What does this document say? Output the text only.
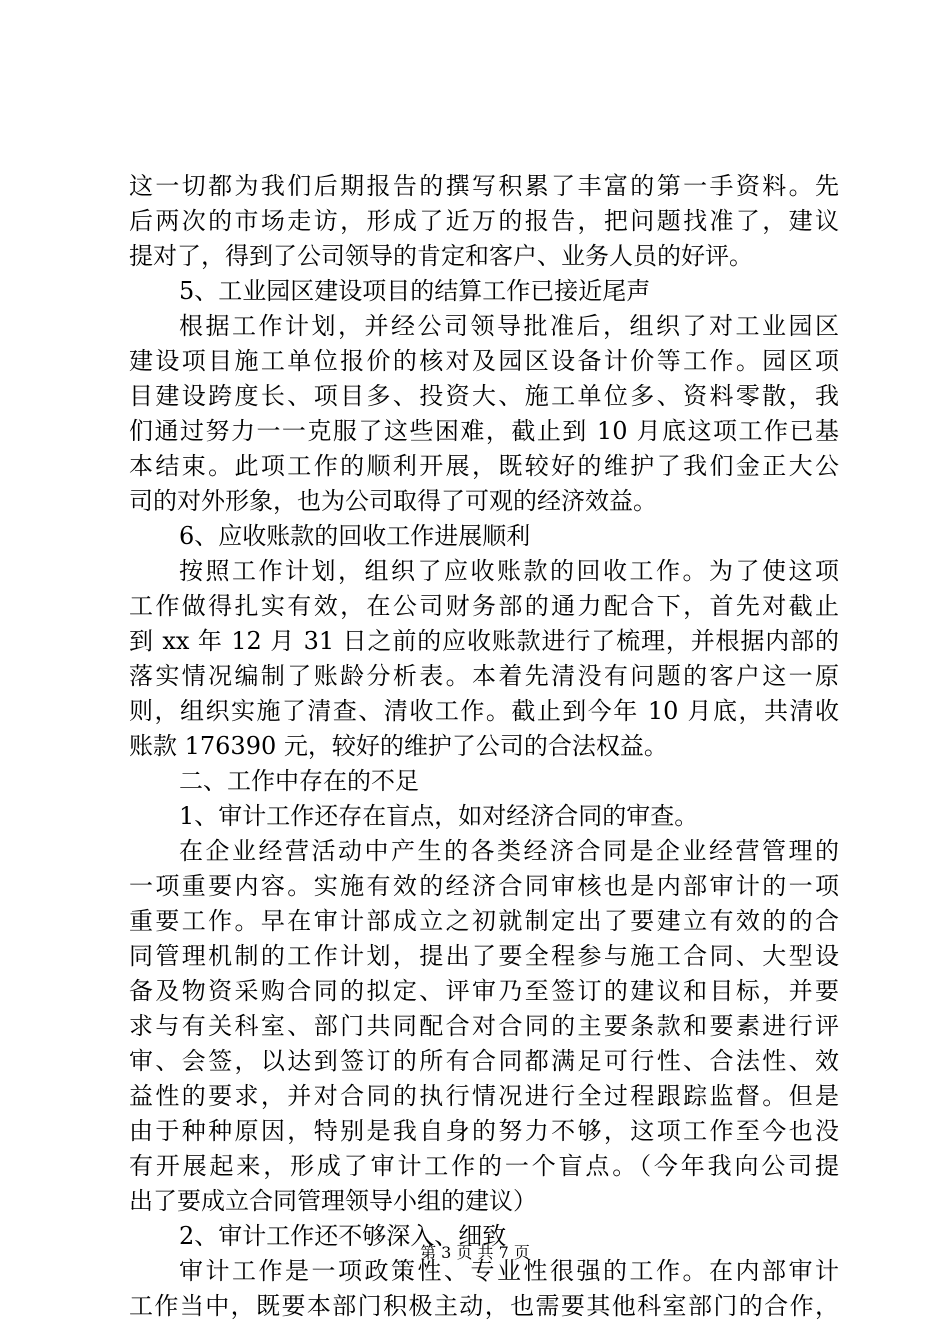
这一切都为我们后期报告的撰写积累了丰富的第一手资料。先
后两次的市场走访，形成了近万的报告，把问题找准了，建议
提对了，得到了公司领导的肯定和客户、业务人员的好评。
5、工业园区建设项目的结算工作已接近尾声
根据工作计划，并经公司领导批准后，组织了对工业园区
建设项目施工单位报价的核对及园区设备计价等工作。园区项
目建设跨度长、项目多、投资大、施工单位多、资料零散，我
们通过努力一一克服了这些困难，截止到 10 月底这项工作已基
本结束。此项工作的顺利开展，既较好的维护了我们金正大公
司的对外形象，也为公司取得了可观的经济效益。
6、应收账款的回收工作进展顺利
按照工作计划，组织了应收账款的回收工作。为了使这项
工作做得扎实有效，在公司财务部的通力配合下，首先对截止
到 xx 年 12 月 31 日之前的应收账款进行了梳理，并根据内部的
落实情况编制了账龄分析表。本着先清没有问题的客户这一原
则，组织实施了清查、清收工作。截止到今年 10 月底，共清收
账款 176390 元，较好的维护了公司的合法权益。
二、工作中存在的不足
1、审计工作还存在盲点，如对经济合同的审查。
在企业经营活动中产生的各类经济合同是企业经营管理的
一项重要内容。实施有效的经济合同审核也是内部审计的一项
重要工作。早在审计部成立之初就制定出了要建立有效的的合
同管理机制的工作计划，提出了要全程参与施工合同、大型设
备及物资采购合同的拟定、评审乃至签订的建议和目标，并要
求与有关科室、部门共同配合对合同的主要条款和要素进行评
审、会签，以达到签订的所有合同都满足可行性、合法性、效
益性的要求，并对合同的执行情况进行全过程跟踪监督。但是
由于种种原因，特别是我自身的努力不够，这项工作至今也没
有开展起来，形成了审计工作的一个盲点。（今年我向公司提
出了要成立合同管理领导小组的建议）
2、审计工作还不够深入、细致
审计工作是一项政策性、专业性很强的工作。在内部审计
工作当中，既要本部门积极主动，也需要其他科室部门的合作，
第 3 页 共 7 页
